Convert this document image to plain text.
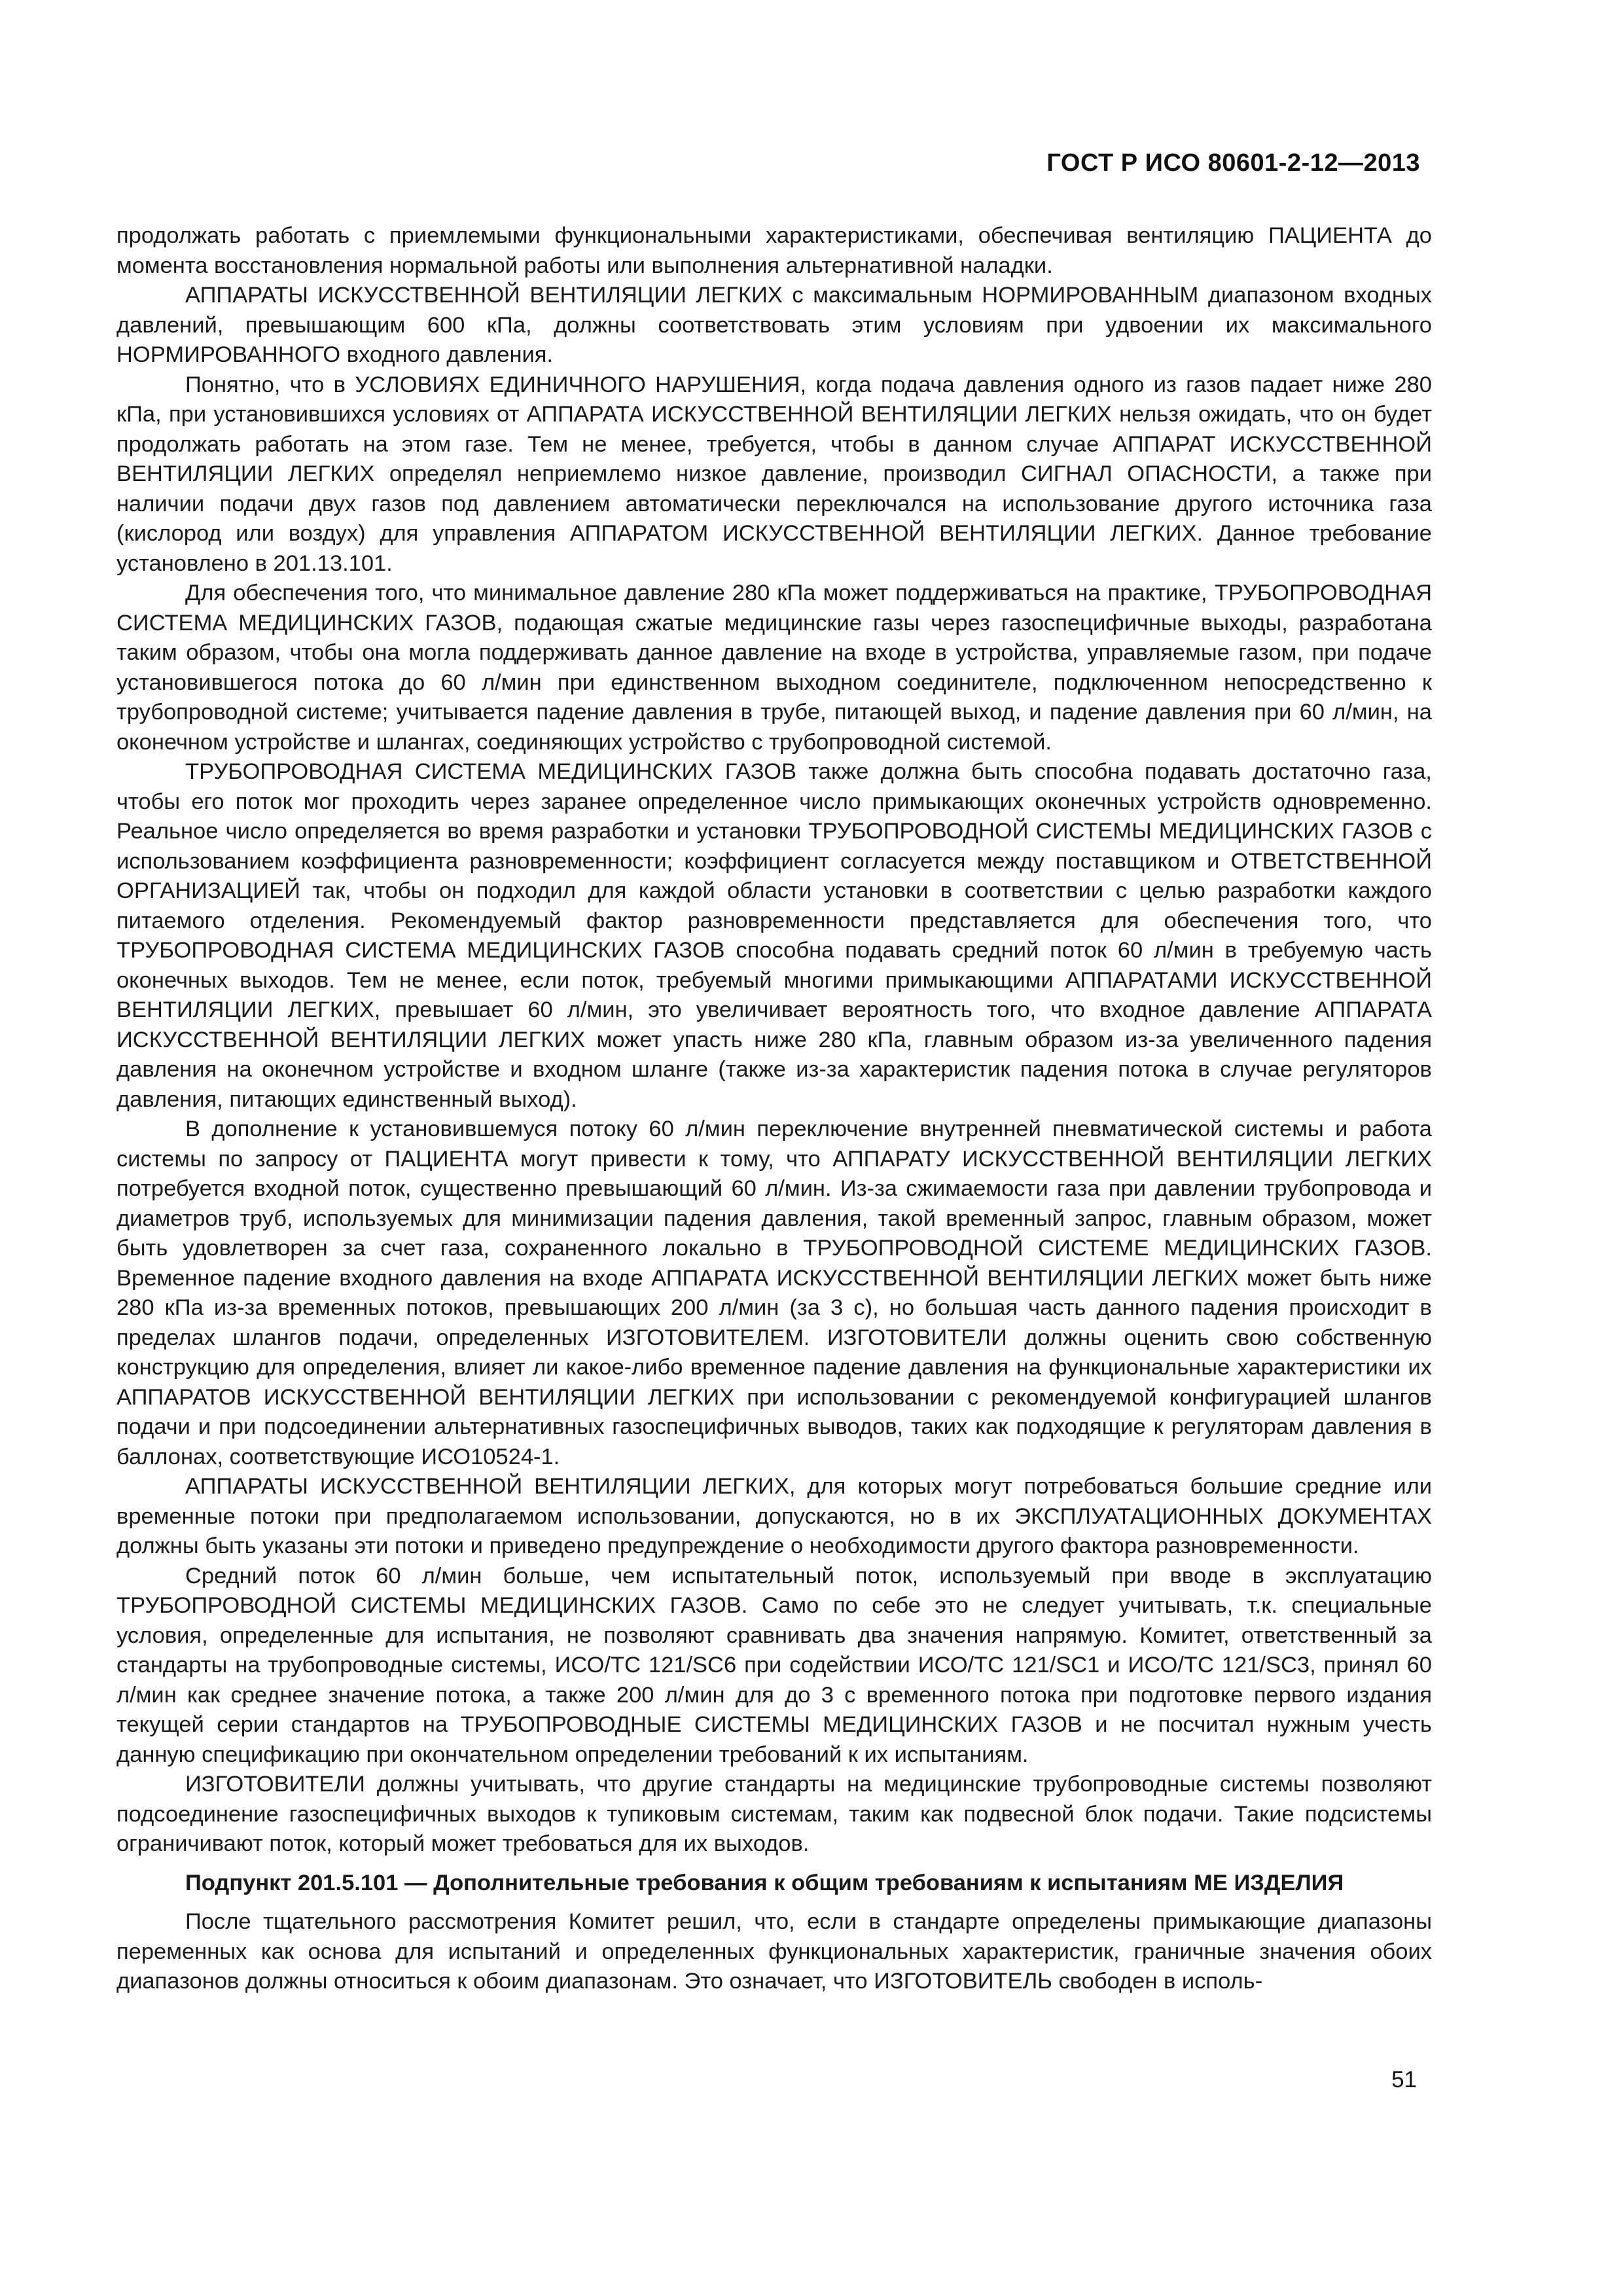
ГОСТ Р ИСО 80601-2-12—2013

продолжать работать с приемлемыми функциональными характеристиками, обеспечивая вентиляцию ПАЦИЕНТА до момента восстановления нормальной работы или выполнения альтернативной наладки.

АППАРАТЫ ИСКУССТВЕННОЙ ВЕНТИЛЯЦИИ ЛЕГКИХ с максимальным НОРМИРОВАННЫМ диапазоном входных давлений, превышающим 600 кПа, должны соответствовать этим условиям при удвоении их максимального НОРМИРОВАННОГО входного давления.

Понятно, что в УСЛОВИЯХ ЕДИНИЧНОГО НАРУШЕНИЯ, когда подача давления одного из газов падает ниже 280 кПа, при установившихся условиях от АППАРАТА ИСКУССТВЕННОЙ ВЕНТИЛЯЦИИ ЛЕГКИХ нельзя ожидать, что он будет продолжать работать на этом газе. Тем не менее, требуется, чтобы в данном случае АППАРАТ ИСКУССТВЕННОЙ ВЕНТИЛЯЦИИ ЛЕГКИХ определял неприемлемо низкое давление, производил СИГНАЛ ОПАСНОСТИ, а также при наличии подачи двух газов под давлением автоматически переключался на использование другого источника газа (кислород или воздух) для управления АППАРАТОМ ИСКУССТВЕННОЙ ВЕНТИЛЯЦИИ ЛЕГКИХ. Данное требование установлено в 201.13.101.

Для обеспечения того, что минимальное давление 280 кПа может поддерживаться на практике, ТРУБОПРОВОДНАЯ СИСТЕМА МЕДИЦИНСКИХ ГАЗОВ, подающая сжатые медицинские газы через газоспецифичные выходы, разработана таким образом, чтобы она могла поддерживать данное давление на входе в устройства, управляемые газом, при подаче установившегося потока до 60 л/мин при единственном выходном соединителе, подключенном непосредственно к трубопроводной системе; учитывается падение давления в трубе, питающей выход, и падение давления при 60 л/мин, на оконечном устройстве и шлангах, соединяющих устройство с трубопроводной системой.

ТРУБОПРОВОДНАЯ СИСТЕМА МЕДИЦИНСКИХ ГАЗОВ также должна быть способна подавать достаточно газа, чтобы его поток мог проходить через заранее определенное число примыкающих оконечных устройств одновременно. Реальное число определяется во время разработки и установки ТРУБОПРОВОДНОЙ СИСТЕМЫ МЕДИЦИНСКИХ ГАЗОВ с использованием коэффициента разновременности; коэффициент согласуется между поставщиком и ОТВЕТСТВЕННОЙ ОРГАНИЗАЦИЕЙ так, чтобы он подходил для каждой области установки в соответствии с целью разработки каждого питаемого отделения. Рекомендуемый фактор разновременности представляется для обеспечения того, что ТРУБОПРОВОДНАЯ СИСТЕМА МЕДИЦИНСКИХ ГАЗОВ способна подавать средний поток 60 л/мин в требуемую часть оконечных выходов. Тем не менее, если поток, требуемый многими примыкающими АППАРАТАМИ ИСКУССТВЕННОЙ ВЕНТИЛЯЦИИ ЛЕГКИХ, превышает 60 л/мин, это увеличивает вероятность того, что входное давление АППАРАТА ИСКУССТВЕННОЙ ВЕНТИЛЯЦИИ ЛЕГКИХ может упасть ниже 280 кПа, главным образом из-за увеличенного падения давления на оконечном устройстве и входном шланге (также из-за характеристик падения потока в случае регуляторов давления, питающих единственный выход).

В дополнение к установившемуся потоку 60 л/мин переключение внутренней пневматической системы и работа системы по запросу от ПАЦИЕНТА могут привести к тому, что АППАРАТУ ИСКУССТВЕННОЙ ВЕНТИЛЯЦИИ ЛЕГКИХ потребуется входной поток, существенно превышающий 60 л/мин. Из-за сжимаемости газа при давлении трубопровода и диаметров труб, используемых для минимизации падения давления, такой временный запрос, главным образом, может быть удовлетворен за счет газа, сохраненного локально в ТРУБОПРОВОДНОЙ СИСТЕМЕ МЕДИЦИНСКИХ ГАЗОВ. Временное падение входного давления на входе АППАРАТА ИСКУССТВЕННОЙ ВЕНТИЛЯЦИИ ЛЕГКИХ может быть ниже 280 кПа из-за временных потоков, превышающих 200 л/мин (за 3 с), но большая часть данного падения происходит в пределах шлангов подачи, определенных ИЗГОТОВИТЕЛЕМ. ИЗГОТОВИТЕЛИ должны оценить свою собственную конструкцию для определения, влияет ли какое-либо временное падение давления на функциональные характеристики их АППАРАТОВ ИСКУССТВЕННОЙ ВЕНТИЛЯЦИИ ЛЕГКИХ при использовании с рекомендуемой конфигурацией шлангов подачи и при подсоединении альтернативных газоспецифичных выводов, таких как подходящие к регуляторам давления в баллонах, соответствующие ИСО10524-1.

АППАРАТЫ ИСКУССТВЕННОЙ ВЕНТИЛЯЦИИ ЛЕГКИХ, для которых могут потребоваться большие средние или временные потоки при предполагаемом использовании, допускаются, но в их ЭКСПЛУАТАЦИОННЫХ ДОКУМЕНТАХ должны быть указаны эти потоки и приведено предупреждение о необходимости другого фактора разновременности.

Средний поток 60 л/мин больше, чем испытательный поток, используемый при вводе в эксплуатацию ТРУБОПРОВОДНОЙ СИСТЕМЫ МЕДИЦИНСКИХ ГАЗОВ. Само по себе это не следует учитывать, т.к. специальные условия, определенные для испытания, не позволяют сравнивать два значения напрямую. Комитет, ответственный за стандарты на трубопроводные системы, ИСО/ТС 121/SC6 при содействии ИСО/ТС 121/SC1 и ИСО/ТС 121/SC3, принял 60 л/мин как среднее значение потока, а также 200 л/мин для до 3 с временного потока при подготовке первого издания текущей серии стандартов на ТРУБОПРОВОДНЫЕ СИСТЕМЫ МЕДИЦИНСКИХ ГАЗОВ и не посчитал нужным учесть данную спецификацию при окончательном определении требований к их испытаниям.

ИЗГОТОВИТЕЛИ должны учитывать, что другие стандарты на медицинские трубопроводные системы позволяют подсоединение газоспецифичных выходов к тупиковым системам, таким как подвесной блок подачи. Такие подсистемы ограничивают поток, который может требоваться для их выходов.

Подпункт 201.5.101 — Дополнительные требования к общим требованиям к испытаниям МЕ ИЗДЕЛИЯ

После тщательного рассмотрения Комитет решил, что, если в стандарте определены примыкающие диапазоны переменных как основа для испытаний и определенных функциональных характеристик, граничные значения обоих диапазонов должны относиться к обоим диапазонам. Это означает, что ИЗГОТОВИТЕЛЬ свободен в исполь-

51
